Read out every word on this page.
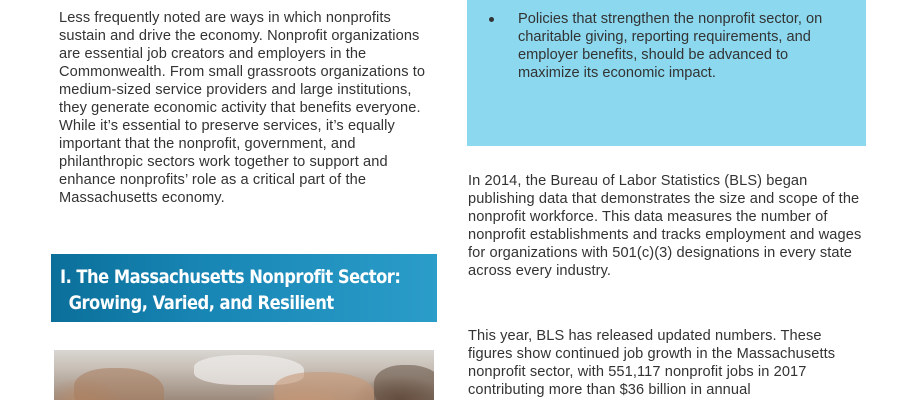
Less frequently noted are ways in which nonprofits sustain and drive the economy. Nonprofit organizations are essential job creators and employers in the Commonwealth. From small grassroots organizations to medium-sized service providers and large institutions, they generate economic activity that benefits everyone. While it’s essential to preserve services, it’s equally important that the nonprofit, government, and philanthropic sectors work together to support and enhance nonprofits’ role as a critical part of the Massachusetts economy.

I. The Massachusetts Nonprofit Sector:
Growing, Varied, and Resilient
Policies that strengthen the nonprofit sector, on charitable giving, reporting requirements, and employer benefits, should be advanced to maximize its economic impact.

In 2014, the Bureau of Labor Statistics (BLS) began publishing data that demonstrates the size and scope of the nonprofit workforce. This data measures the number of nonprofit establishments and tracks employment and wages for organizations with 501(c)(3) designations in every state across every industry.

This year, BLS has released updated numbers. These figures show continued job growth in the Massachusetts nonprofit sector, with 551,117 nonprofit jobs in 2017 contributing more than $36 billion in annual
